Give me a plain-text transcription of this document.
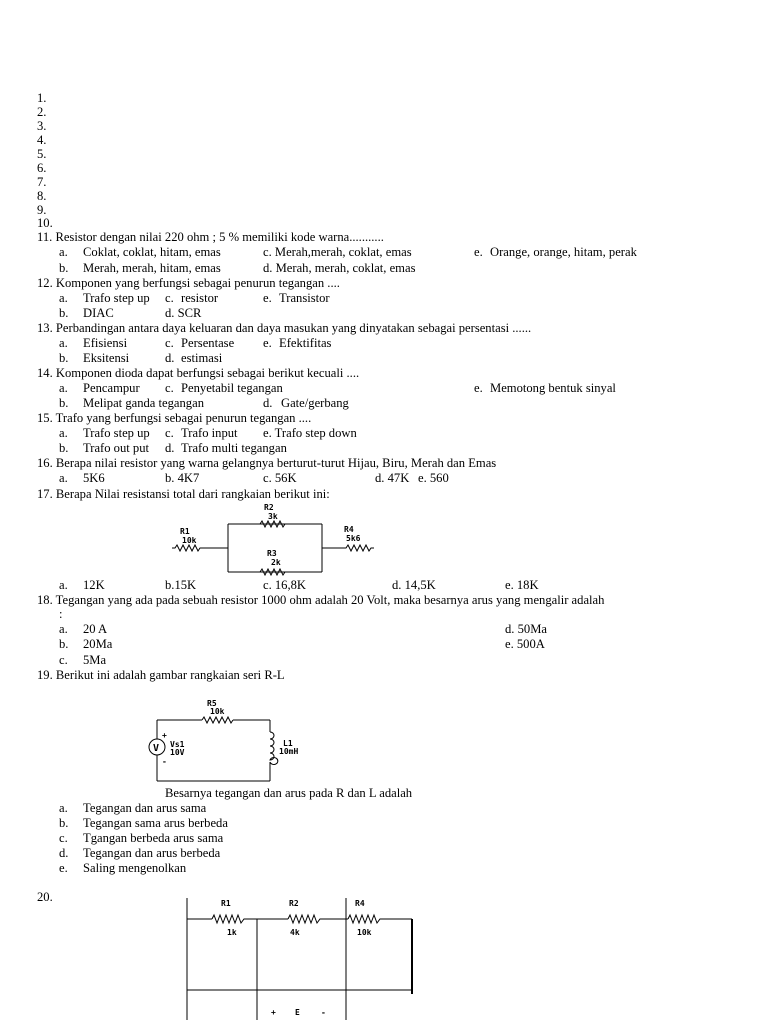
1.
2.
3.
4.
5.
6.
7.
8.
9.
10.
11. Resistor dengan nilai 220 ohm ; 5 % memiliki kode warna...........
a. Coklat, coklat, hitam, emas	c. Merah,merah, coklat, emas	e. Orange, orange, hitam, perak
b. Merah, merah, hitam, emas	d. Merah, merah, coklat, emas
12. Komponen yang berfungsi sebagai penurun tegangan ....
a. Trafo step up c. resistor	e. Transistor
b. DIAC	d. SCR
13. Perbandingan antara daya keluaran dan daya masukan yang dinyatakan sebagai persentasi ......
a. Efisiensi	c. Persentase e. Efektifitas
b. Eksitensi	d. estimasi
14. Komponen dioda dapat berfungsi sebagai berikut kecuali ....
a. Pencampur c. Penyetabil tegangan	e. Memotong bentuk sinyal
b. Melipat ganda tegangan	d. Gate/gerbang
15. Trafo yang berfungsi sebagai penurun tegangan ....
a. Trafo step up c. Trafo input e. Trafo step down
b. Trafo out put d. Trafo multi tegangan
16. Berapa nilai resistor yang warna gelangnya berturut-turut Hijau, Biru, Merah dan Emas
a. 5K6	b. 4K7	c. 56K	d. 47K e. 560
17. Berapa Nilai resistansi total dari rangkaian berikut ini:
R1
10k
R2
3k
R3
2k
R4
5k6
a. 12K	b.15K	c. 16,8K	d. 14,5K	e. 18K
18. Tegangan yang ada pada sebuah resistor 1000 ohm adalah 20 Volt, maka besarnya arus yang mengalir adalah
:
a. 20 A	d. 50Ma
b. 20Ma	e. 500A
c. 5Ma
19. Berikut ini adalah gambar rangkaian seri R-L
V
+
-
Vs1
10V
R5
10k
L1
10mH
Besarnya tegangan dan arus pada R dan L adalah
a. Tegangan dan arus sama
b. Tegangan sama arus berbeda
c. Tgangan berbeda arus sama
d. Tegangan dan arus berbeda
e. Saling mengenolkan
20.	R1
1k
R2
4k
R4
10k
+ E	-
